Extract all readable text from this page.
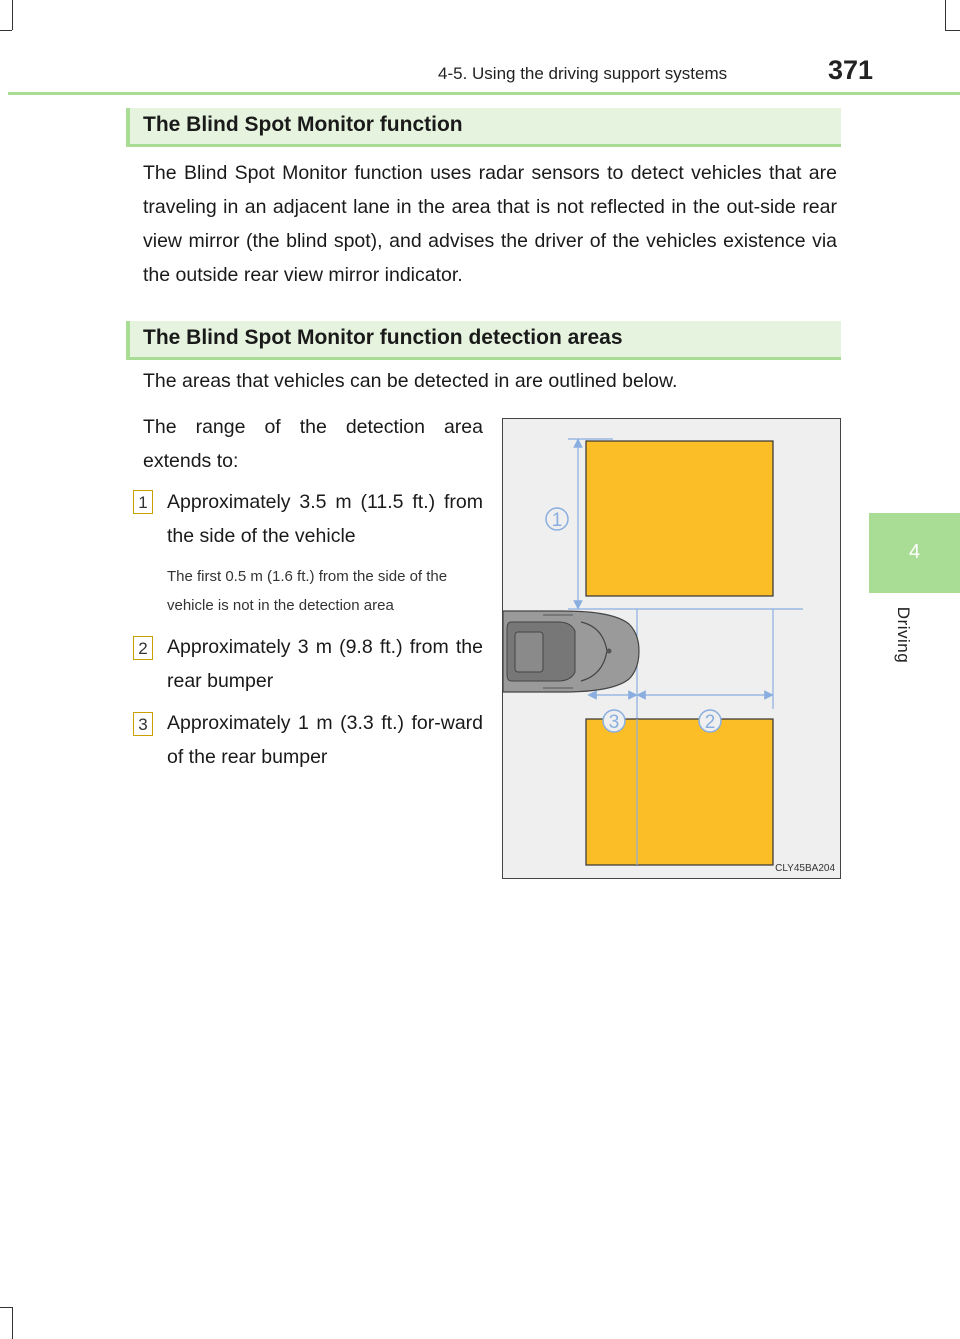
4-5. Using the driving support systems	371
4
Driving
The Blind Spot Monitor function
The Blind Spot Monitor function uses radar sensors to detect vehicles that are traveling in an adjacent lane in the area that is not reflected in the out-side rear view mirror (the blind spot), and advises the driver of the vehicles existence via the outside rear view mirror indicator.
The Blind Spot Monitor function detection areas
The areas that vehicles can be detected in are outlined below.
The range of the detection area extends to:
1 Approximately 3.5 m (11.5 ft.) from the side of the vehicle
The first 0.5 m (1.6 ft.) from the side of the vehicle is not in the detection area
2 Approximately 3 m (9.8 ft.) from the rear bumper
3 Approximately 1 m (3.3 ft.) for-ward of the rear bumper
1
3	2
CLY45BA204
